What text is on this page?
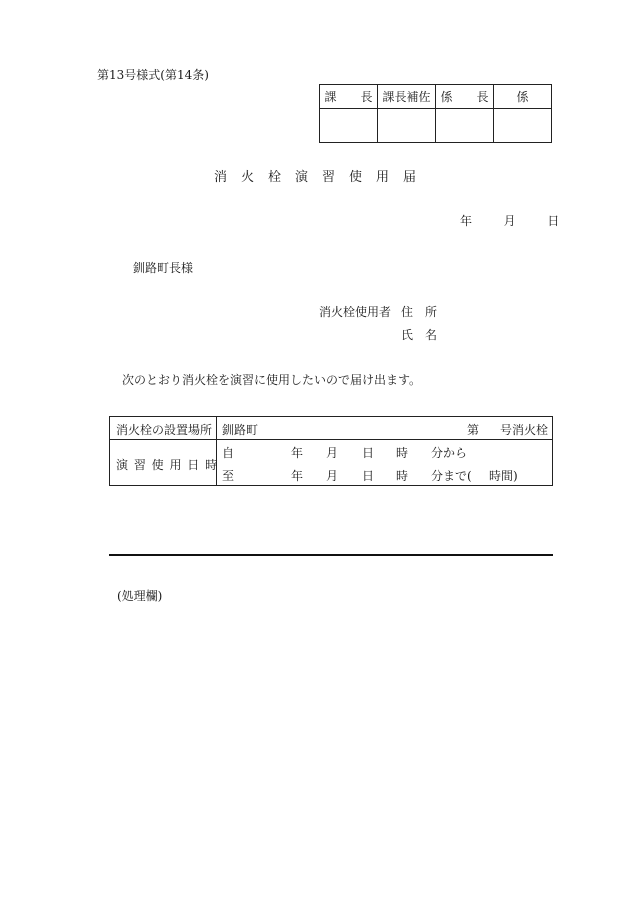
第13号様式(第14条)
課　　長	課長補佐	係　　長	係

消火栓演習使用届
年	月	日
釧路町長様
消火栓使用者 住所
氏名
次のとおり消火栓を演習に使用したいので届け出ます。
消火栓の設置場所 釧路町	第 号消火栓
演 習 使 用 日 時
自	年 月 日 時 分から
至	年 月 日 時 分まで( 時間)
(処理欄)
